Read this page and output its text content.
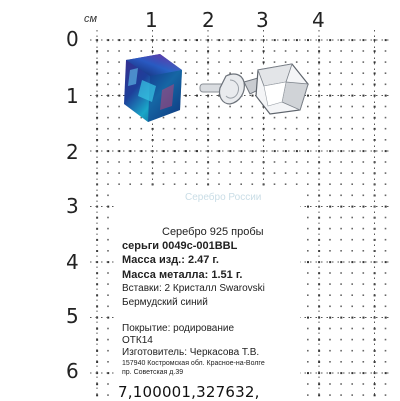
см 1 2 3 4
0
1
2
3
4
5
6
Серебро 925 пробы
серьги 0049с-001BBL
Масса изд.: 2.47 г.
Масса металла: 1.51 г.
Вставки: 2 Кристалл Swarovski
Бермудский синий
Покрытие: родирование
ОТК14
Изготовитель: Черкасова Т.В.
157940 Костромская обл. Красное-на-Волге
пр. Советская д.39
Серебро России
7,100001,327632,
